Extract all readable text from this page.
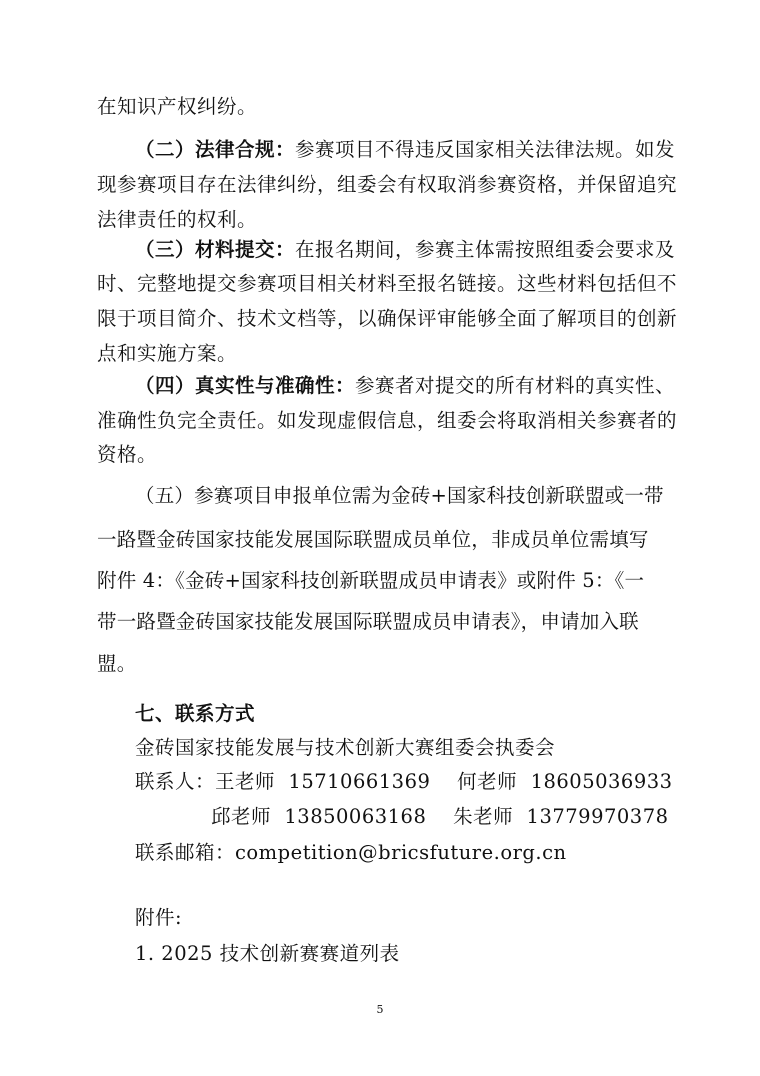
在知识产权纠纷。
（二）法律合规：参赛项目不得违反国家相关法律法规。如发
现参赛项目存在法律纠纷，组委会有权取消参赛资格，并保留追究
法律责任的权利。
（三）材料提交：在报名期间，参赛主体需按照组委会要求及
时、完整地提交参赛项目相关材料至报名链接。这些材料包括但不
限于项目简介、技术文档等，以确保评审能够全面了解项目的创新
点和实施方案。
（四）真实性与准确性：参赛者对提交的所有材料的真实性、
准确性负完全责任。如发现虚假信息，组委会将取消相关参赛者的
资格。
（五）参赛项目申报单位需为金砖+国家科技创新联盟或一带
一路暨金砖国家技能发展国际联盟成员单位，非成员单位需填写
附件 4：《金砖+国家科技创新联盟成员申请表》或附件 5：《一
带一路暨金砖国家技能发展国际联盟成员申请表》，申请加入联
盟。
七、联系方式
金砖国家技能发展与技术创新大赛组委会执委会
联系人：王老师  15710661369    何老师  18605036933
邱老师  13850063168    朱老师  13779970378
联系邮箱：competition@bricsfuture.org.cn
附件:
1. 2025 技术创新赛赛道列表
5
